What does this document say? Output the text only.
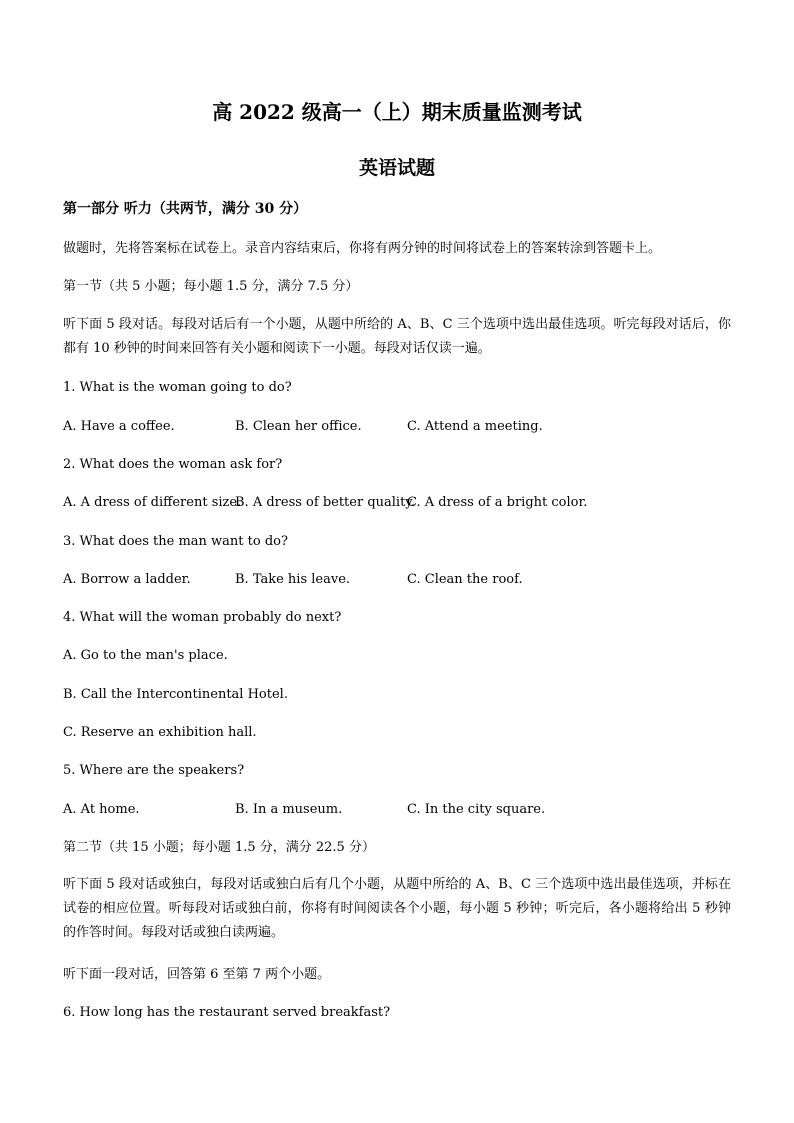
高 2022 级高一（上）期末质量监测考试
英语试题
第一部分 听力（共两节，满分 30 分）
做题时，先将答案标在试卷上。录音内容结束后，你将有两分钟的时间将试卷上的答案转涂到答题卡上。
第一节（共 5 小题；每小题 1.5 分，满分 7.5 分）
听下面 5 段对话。每段对话后有一个小题，从题中所给的 A、B、C 三个选项中选出最佳选项。听完每段对话后，你都有 10 秒钟的时间来回答有关小题和阅读下一小题。每段对话仅读一遍。
1. What is the woman going to do?
A. Have a coffee.	B. Clean her office.	C. Attend a meeting.
2. What does the woman ask for?
A. A dress of different size.
B. A dress of better quality.
C. A dress of a bright color.
3. What does the man want to do?
A. Borrow a ladder.	B. Take his leave.	C. Clean the roof.
4. What will the woman probably do next?
A. Go to the man's place.
B. Call the Intercontinental Hotel.
C. Reserve an exhibition hall.
5. Where are the speakers?
A. At home.	B. In a museum.	C. In the city square.
第二节（共 15 小题；每小题 1.5 分，满分 22.5 分）
听下面 5 段对话或独白，每段对话或独白后有几个小题，从题中所给的 A、B、C 三个选项中选出最佳选项，并标在试卷的相应位置。听每段对话或独白前，你将有时间阅读各个小题，每小题 5 秒钟；听完后，各小题将给出 5 秒钟的作答时间。每段对话或独白读两遍。
听下面一段对话，回答第 6 至第 7 两个小题。
6. How long has the restaurant served breakfast?
